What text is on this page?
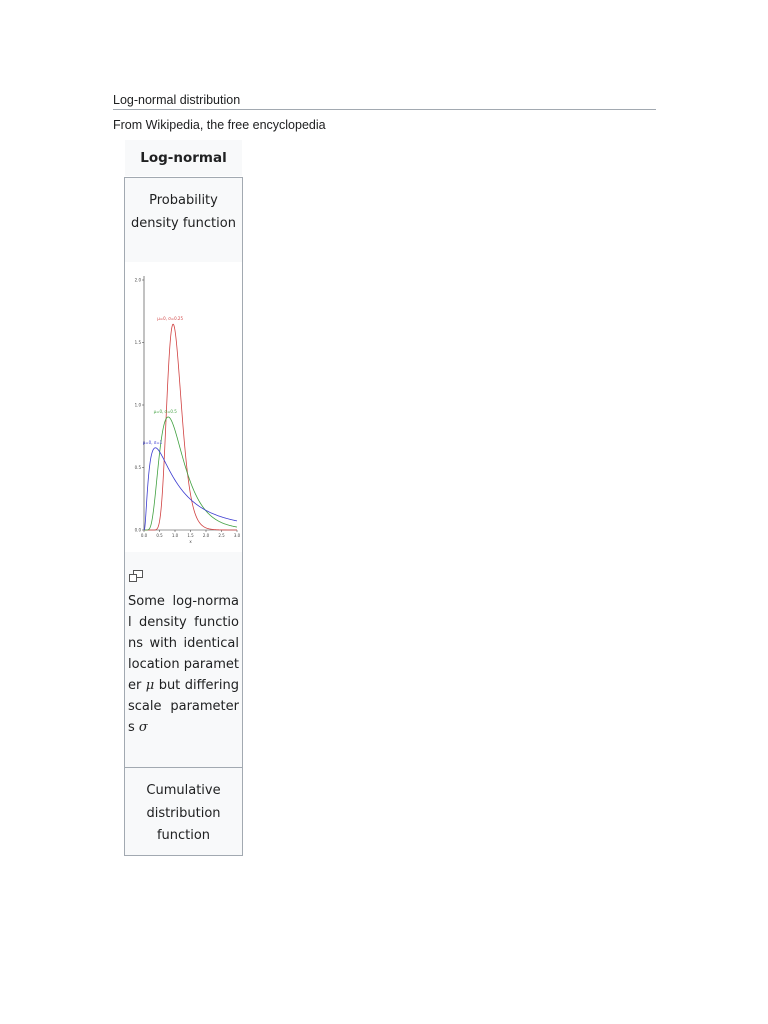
Log-normal distribution
From Wikipedia, the free encyclopedia
Log-normal
Probability density function
0.0 0.5 1.0 1.5 2.0 2.5 3.0
0.0
0.5
1.0
1.5
2.0
x
μ=0, σ=0.25
μ=0, σ=0.5
μ=0, σ=1
Some log-normal density functions with identical location parameter μ but differing scale parameters σ
Cumulative distribution function
